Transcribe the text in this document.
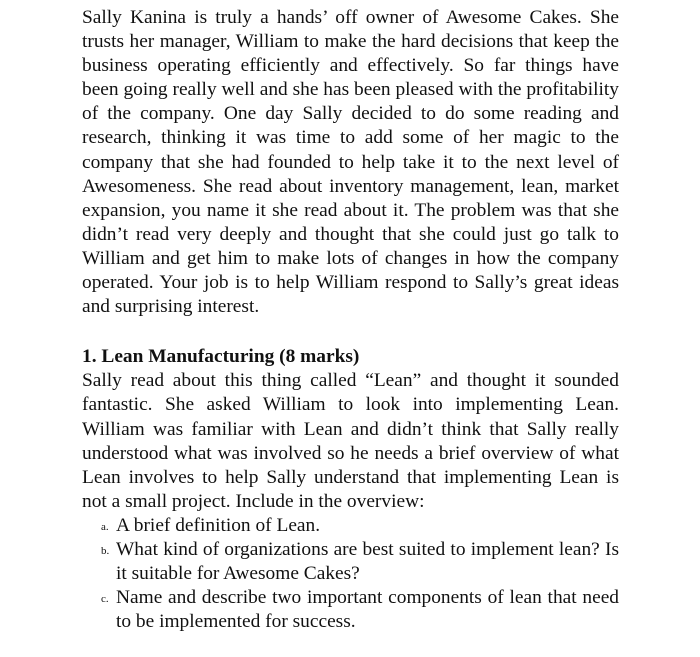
Sally Kanina is truly a hands’ off owner of Awesome Cakes. She trusts her manager, William to make the hard decisions that keep the business operating efficiently and effectively. So far things have been going really well and she has been pleased with the profitability of the company. One day Sally decided to do some reading and research, thinking it was time to add some of her magic to the company that she had founded to help take it to the next level of Awesomeness. She read about inventory management, lean, market expansion, you name it she read about it. The problem was that she didn’t read very deeply and thought that she could just go talk to William and get him to make lots of changes in how the company operated. Your job is to help William respond to Sally’s great ideas and surprising interest.

1. Lean Manufacturing (8 marks)

Sally read about this thing called “Lean” and thought it sounded fantastic. She asked William to look into implementing Lean. William was familiar with Lean and didn’t think that Sally really understood what was involved so he needs a brief overview of what Lean involves to help Sally understand that implementing Lean is not a small project. Include in the overview:

a. A brief definition of Lean.
b. What kind of organizations are best suited to implement lean? Is it suitable for Awesome Cakes?
c. Name and describe two important components of lean that need to be implemented for success.
